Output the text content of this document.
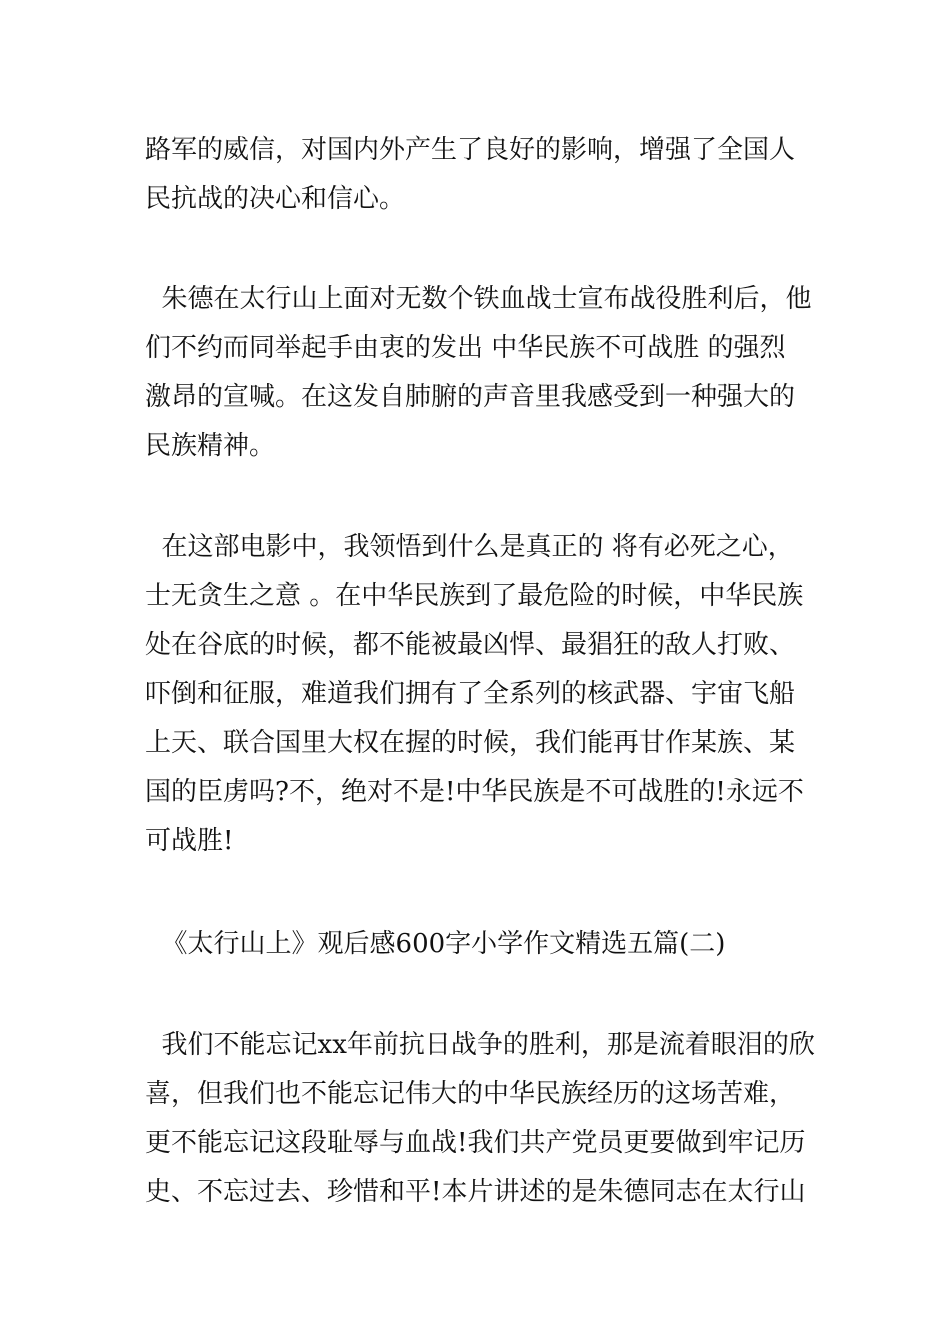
路军的威信，对国内外产生了良好的影响，增强了全国人
民抗战的决心和信心。
朱德在太行山上面对无数个铁血战士宣布战役胜利后，他
们不约而同举起手由衷的发出 中华民族不可战胜 的强烈
激昂的宣喊。在这发自肺腑的声音里我感受到一种强大的
民族精神。
在这部电影中，我领悟到什么是真正的 将有必死之心，
士无贪生之意 。在中华民族到了最危险的时候，中华民族
处在谷底的时候，都不能被最凶悍、最猖狂的敌人打败、
吓倒和征服，难道我们拥有了全系列的核武器、宇宙飞船
上天、联合国里大权在握的时候，我们能再甘作某族、某
国的臣虏吗?不，绝对不是!中华民族是不可战胜的!永远不
可战胜!
《太行山上》观后感600字小学作文精选五篇(二)
我们不能忘记xx年前抗日战争的胜利，那是流着眼泪的欣
喜，但我们也不能忘记伟大的中华民族经历的这场苦难，
更不能忘记这段耻辱与血战!我们共产党员更要做到牢记历
史、不忘过去、珍惜和平!本片讲述的是朱德同志在太行山
